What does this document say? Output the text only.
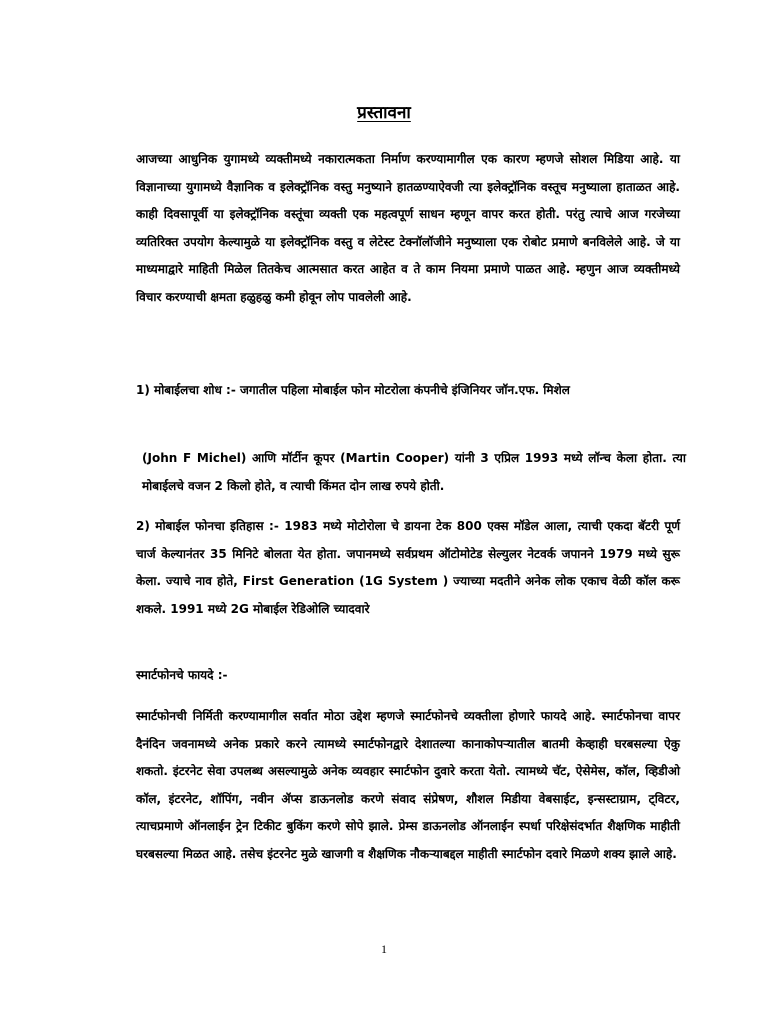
प्रस्तावना

आजच्या आधुनिक युगामध्ये व्यक्तीमध्ये नकारात्मकता निर्माण करण्यामागील एक कारण म्हणजे सोशल मिडिया आहे. या विज्ञानाच्या युगामध्ये वैज्ञानिक व इलेक्ट्रॉनिक वस्तु मनुष्याने हातळण्याऐवजी त्या इलेक्ट्रॉनिक वस्तूच मनुष्याला हाताळत आहे. काही दिवसापूर्वी या इलेक्ट्रॉनिक वस्तूंचा व्यक्ती एक महत्वपूर्ण साधन म्हणून वापर करत होती. परंतु त्याचे आज गरजेच्या व्यतिरिक्त उपयोग केल्यामुळे या इलेक्ट्रॉनिक वस्तु व लेटेस्ट टेक्नॉलॉजीने मनुष्याला एक रोबोट प्रमाणे बनविलेले आहे. जे या माध्यमाद्वारे माहिती मिळेल तितकेच आत्मसात करत आहेत व ते काम नियमा प्रमाणे पाळत आहे. म्हणुन आज व्यक्तीमध्ये विचार करण्याची क्षमता हळुहळु कमी होवून लोप पावलेली आहे.

1) मोबाईलचा शोध :- जगातील पहिला मोबाईल फोन मोटरोला कंपनीचे इंजिनियर जॉन.एफ. मिशेल

(John F Michel) आणि मॉर्टीन कूपर (Martin Cooper) यांनी 3 एप्रिल 1993 मध्ये लॉन्च केला होता. त्या मोबाईलचे वजन 2 किलो होते, व त्याची किंमत दोन लाख रुपये होती.

2) मोबाईल फोनचा इतिहास :- 1983 मध्ये मोटोरोला चे डायना टेक 800 एक्स मॉडेल आला, त्याची एकदा बॅटरी पूर्ण चार्ज केल्यानंतर 35 मिनिटे बोलता येत होता. जपानमध्ये सर्वप्रथम ऑटोमोटेड सेल्युलर नेटवर्क जपानने 1979 मध्ये सुरू केला. ज्याचे नाव होते, First Generation (1G System ) ज्याच्या मदतीने अनेक लोक एकाच वेळी कॉल करू शकले. 1991 मध्ये 2G मोबाईल रेडिओलि च्यादवारे

स्मार्टफोनचे फायदे :-

स्मार्टफोनची निर्मिती करण्यामागील सर्वात मोठा उद्देश म्हणजे स्मार्टफोनचे व्यक्तीला होणारे फायदे आहे. स्मार्टफोनचा वापर दैनंदिन जवनामध्ये अनेक प्रकारे करने त्यामध्ये स्मार्टफोनद्वारे देशातल्या कानाकोपऱ्यातील बातमी केव्हाही घरबसल्या ऐकु शकतो. इंटरनेट सेवा उपलब्ध असल्यामुळे अनेक व्यवहार स्मार्टफोन दुवारे करता येतो. त्यामध्ये चॅट, ऐसेमेस, कॉल, व्हिडीओ कॉल, इंटरनेट, शॉपिंग, नवीन ॲप्स डाऊनलोड करणे संवाद संप्रेषण, शौशल मिडीया वेबसाईट, इन्सस्टाग्राम, ट्विटर, त्याचप्रमाणे ऑनलाईन ट्रेन टिकीट बुकिंग करणे सोपे झाले. प्रेम्स डाऊनलोड ऑनलाईन स्पर्धा परिक्षेसंदर्भात शैक्षणिक माहीती घरबसल्या मिळत आहे. तसेच इंटरनेट मुळे खाजगी व शैक्षणिक नौकऱ्याबद्दल माहीती स्मार्टफोन दवारे मिळणे शक्य झाले आहे.

1
